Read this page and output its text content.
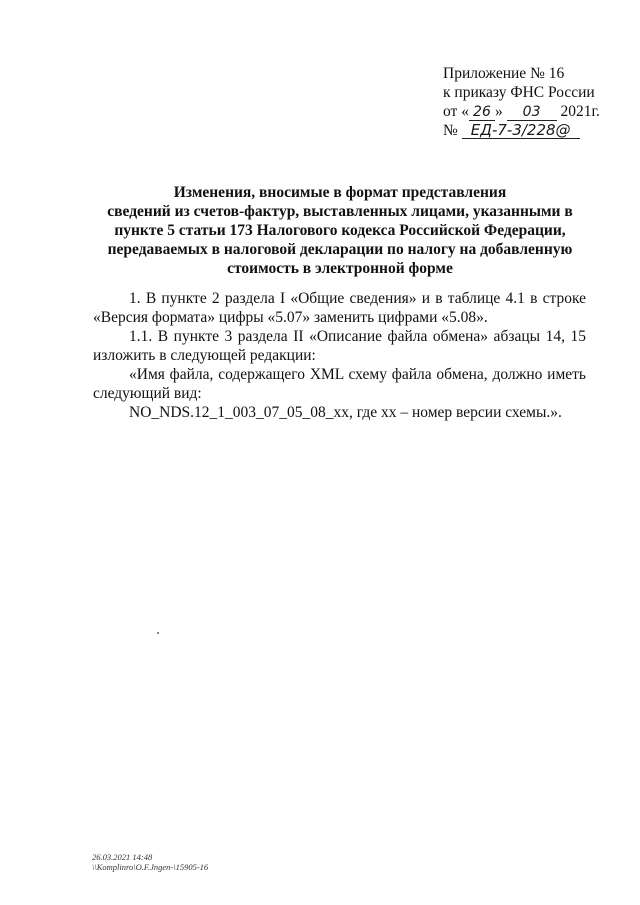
Приложение № 16
к приказу ФНС России
от « 26 » 03 2021г.
№ ЕД-7-3/228@
Изменения, вносимые в формат представления
сведений из счетов-фактур, выставленных лицами, указанными в
пункте 5 статьи 173 Налогового кодекса Российской Федерации,
передаваемых в налоговой декларации по налогу на добавленную
стоимость в электронной форме

1. В пункте 2 раздела I «Общие сведения» и в таблице 4.1 в строке «Версия формата» цифры «5.07» заменить цифрами «5.08».

1.1. В пункте 3 раздела II «Описание файла обмена» абзацы 14, 15 изложить в следующей редакции:

«Имя файла, содержащего XML схему файла обмена, должно иметь следующий вид:

NO_NDS.12_1_003_07_05_08_xx, где хх – номер версии схемы.».

26.03.2021 14:48
\\Komplinro\O.F.Jngen-\15905-16
